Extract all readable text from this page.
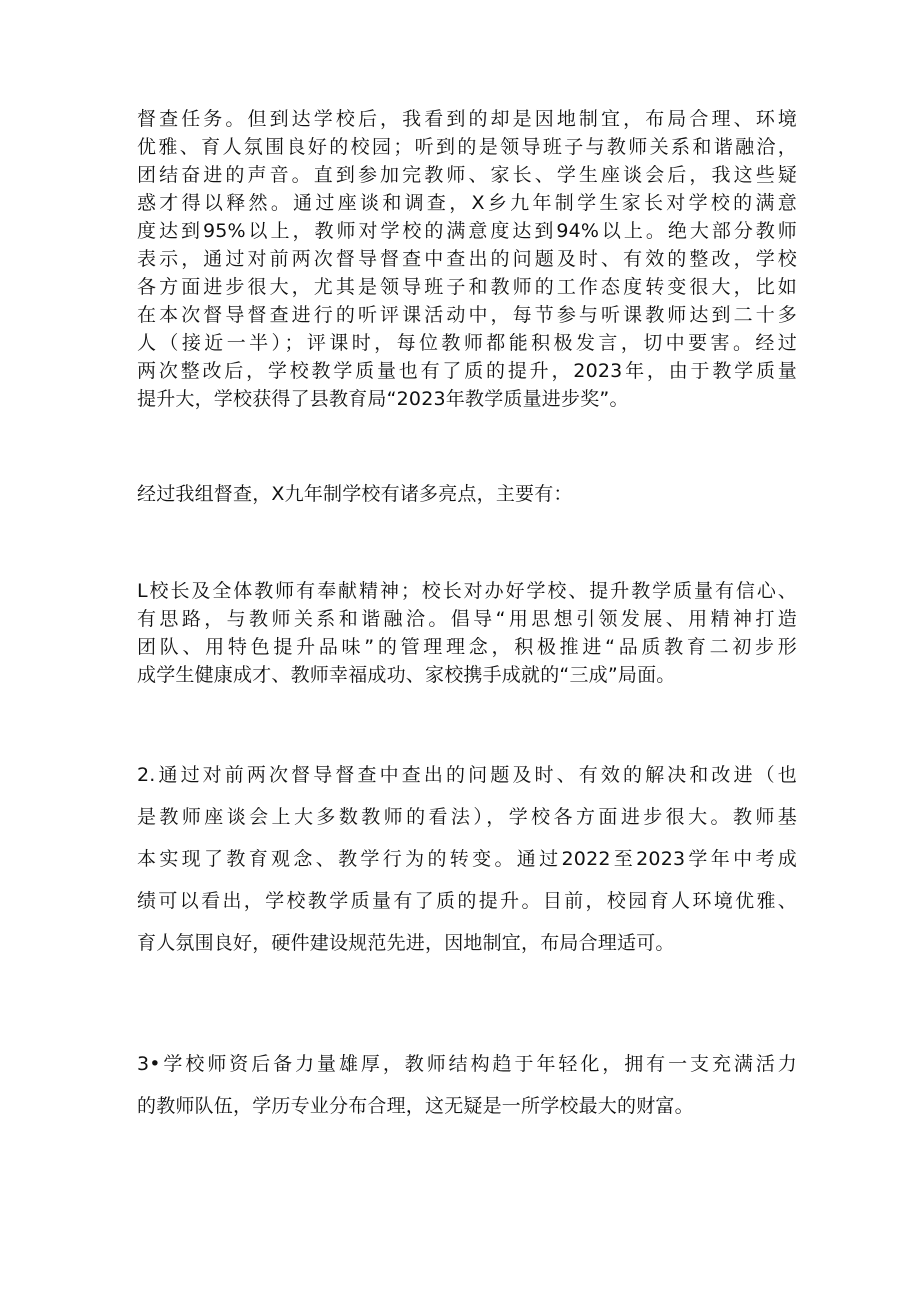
督查任务。但到达学校后，我看到的却是因地制宜，布局合理、环境
优雅、育人氛围良好的校园；听到的是领导班子与教师关系和谐融洽，
团结奋进的声音。直到参加完教师、家长、学生座谈会后，我这些疑
惑才得以释然。通过座谈和调查，X乡九年制学生家长对学校的满意
度达到95%以上，教师对学校的满意度达到94%以上。绝大部分教师
表示，通过对前两次督导督查中查出的问题及时、有效的整改，学校
各方面进步很大，尤其是领导班子和教师的工作态度转变很大，比如
在本次督导督查进行的听评课活动中，每节参与听课教师达到二十多
人（接近一半）；评课时，每位教师都能积极发言，切中要害。经过
两次整改后，学校教学质量也有了质的提升，2023年，由于教学质量
提升大，学校获得了县教育局“2023年教学质量进步奖”。

经过我组督查，X九年制学校有诸多亮点，主要有：

L校长及全体教师有奉献精神；校长对办好学校、提升教学质量有信心、
有思路，与教师关系和谐融洽。倡导“用思想引领发展、用精神打造
团队、用特色提升品味”的管理理念，积极推进“品质教育二初步形
成学生健康成才、教师幸福成功、家校携手成就的“三成”局面。

2.通过对前两次督导督查中查出的问题及时、有效的解决和改进（也
是教师座谈会上大多数教师的看法），学校各方面进步很大。教师基
本实现了教育观念、教学行为的转变。通过2022至2023学年中考成
绩可以看出，学校教学质量有了质的提升。目前，校园育人环境优雅、
育人氛围良好，硬件建设规范先进，因地制宜，布局合理适可。

3•学校师资后备力量雄厚，教师结构趋于年轻化，拥有一支充满活力
的教师队伍，学历专业分布合理，这无疑是一所学校最大的财富。
